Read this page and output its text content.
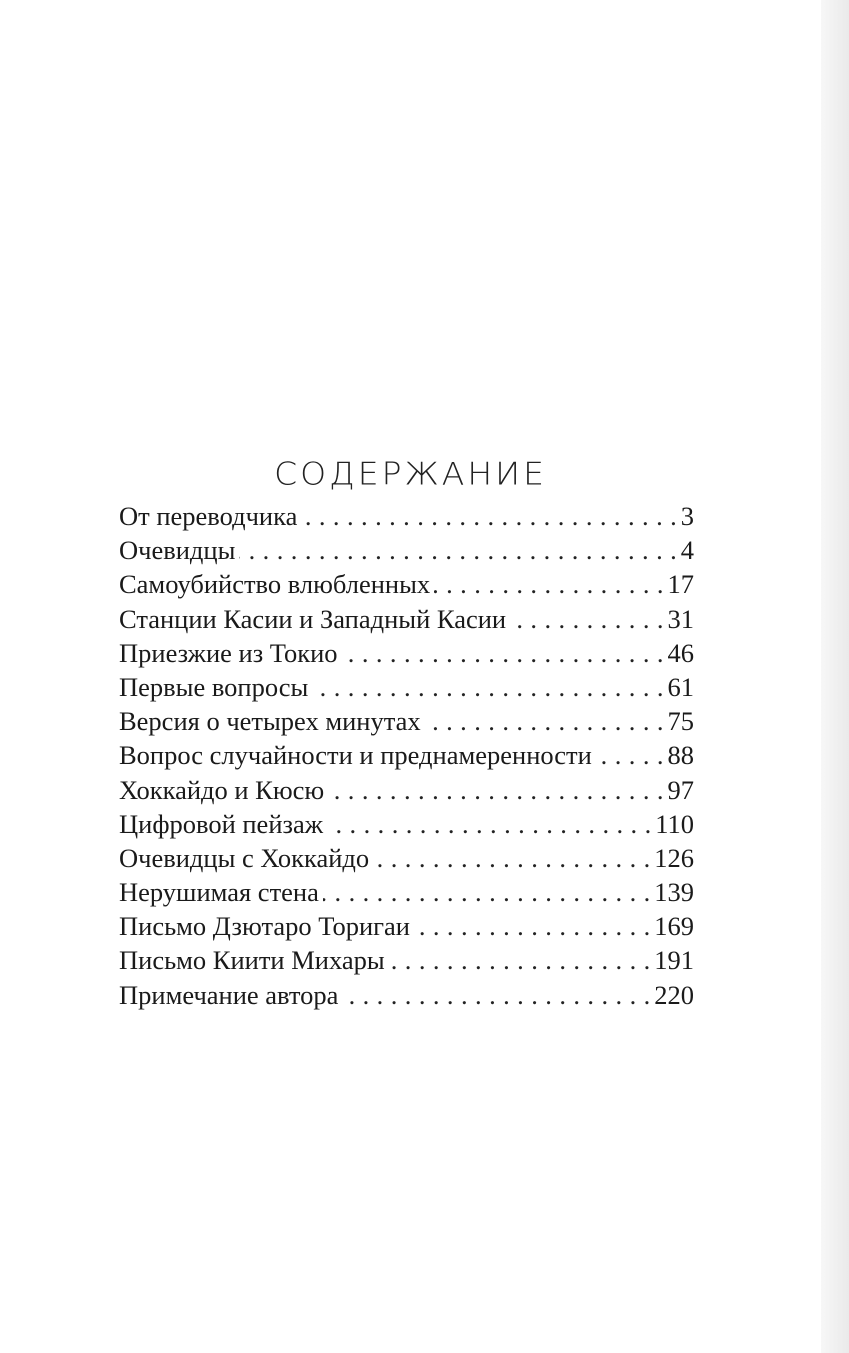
СОДЕРЖАНИЕ
От переводчика . . .	3
Очевидцы . . .	4
Самоубийство влюбленных . . .	17
Станции Касии и Западный Касии . . .	31
Приезжие из Токио . . .	46
Первые вопросы . . .	61
Версия о четырех минутах . . .	75
Вопрос случайности и преднамеренности . . .	88
Хоккайдо и Кюсю . . .	97
Цифровой пейзаж . . .	110
Очевидцы с Хоккайдо . . .	126
Нерушимая стена . . .	139
Письмо Дзютаро Торигаи . . .	169
Письмо Киити Михары . . .	191
Примечание автора . . .	220
